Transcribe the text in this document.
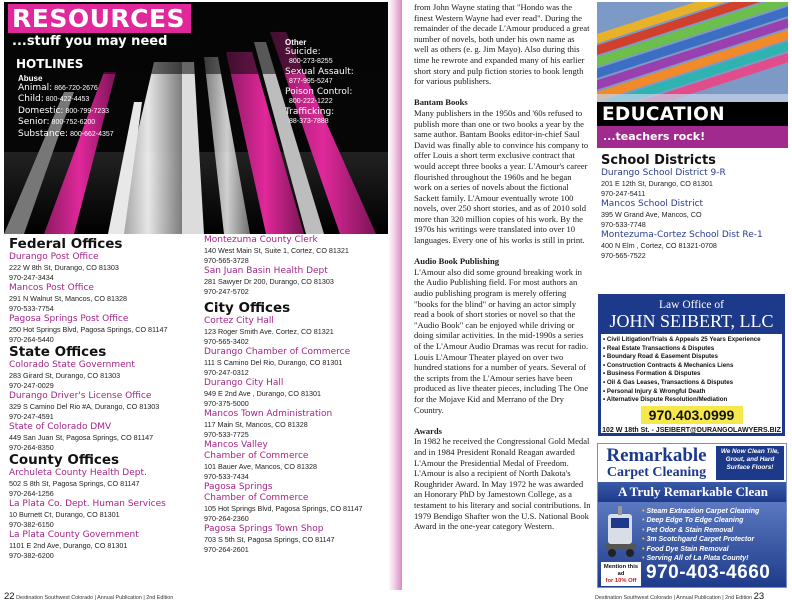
RESOURCES
...stuff you may need
HOTLINES
Abuse
Animal: 866-720-2676
Child: 800-422-4453
Domestic: 800-799-7233
Senior: 800-752-6200
Substance: 800-662-4357
Other
Suicide:
800-273-8255
Sexual Assault:
877-995-5247
Poison Control:
800-222-1222
Trafficking:
88-373-7888
Federal Offices
Durango Post Office
222 W 8th St, Durango, CO 81303
970-247-3434
Mancos Post Office
291 N Walnut St, Mancos, CO 81328
970-533-7754
Pagosa Springs Post Office
250 Hot Springs Blvd, Pagosa Springs, CO 81147
970-264-5440
State Offices
Colorado State Government
283 Girard St, Durango, CO 81303
970-247-0029
Durango Driver's License Office
329 S Camino Del Rio #A, Durango, CO 81303
970-247-4591
State of Colorado DMV
449 San Juan St, Pagosa Springs, CO 81147
970-264-8350
County Offices
Archuleta County Health Dept.
502 S 8th St, Pagosa Springs, CO 81147
970-264-1256
La Plata Co. Dept. Human Services
10 Burnett Ct, Durango, CO 81301
970-382-6150
La Plata County Government
1101 E 2nd Ave, Durango, CO 81301
970-382-6200
Montezuma County Clerk
140 West Main St, Suite 1, Cortez, CO 81321
970-565-3728
San Juan Basin Health Dept
281 Sawyer Dr 200, Durango, CO 81303
970-247-5702
City Offices
Cortez City Hall
123 Roger Smith Ave. Cortez, CO 81321
970-565-3402
Durango Chamber of Commerce
111 S Camino Del Rio, Durango, CO 81301
970-247-0312
Durango City Hall
949 E 2nd Ave , Durango, CO 81301
970-375-5000
Mancos Town Administration
117 Main St, Mancos, CO 81328
970-533-7725
Mancos Valley
Chamber of Commerce
101 Bauer Ave, Mancos, CO 81328
970-533-7434
Pagosa Springs
Chamber of Commerce
105 Hot Springs Blvd, Pagosa Springs, CO 81147
970-264-2360
Pagosa Springs Town Shop
703 S 5th St, Pagosa Springs, CO 81147
970-264-2601

from John Wayne stating that "Hondo was the finest Western Wayne had ever read". During the remainder of the decade L'Amour produced a great number of novels, both under his own name as well as others (e. g. Jim Mayo). Also during this time he rewrote and expanded many of his earlier short story and pulp fiction stories to book length for various publishers.

Bantam Books

Many publishers in the 1950s and '60s refused to publish more than one or two books a year by the same author. Bantam Books editor-in-chief Saul David was finally able to convince his company to offer Louis a short term exclusive contract that would accept three books a year. L'Amour's career flourished throughout the 1960s and he began work on a series of novels about the fictional Sackett family. L'Amour eventually wrote 100 novels, over 250 short stories, and as of 2010 sold more than 320 million copies of his work. By the 1970s his writings were translated into over 10 languages. Every one of his works is still in print.

Audio Book Publishing

L'Amour also did some ground breaking work in the Audio Publishing field. For most authors an audio publishing program is merely offering "books for the blind" or having an actor simply read a book of short stories or novel so that the "Audio Book" can be enjoyed while driving or doing similar activities. In the mid-1990s a series of the L'Amour Audio Dramas was recut for radio. Louis L'Amour Theater played on over two hundred stations for a number of years. Several of the scripts from the L'Amour series have been produced as live theater pieces, including The One for the Mojave Kid and Merrano of the Dry Country.

Awards

In 1982 he received the Congressional Gold Medal and in 1984 President Ronald Reagan awarded L'Amour the Presidential Medal of Freedom. L'Amour is also a recipient of North Dakota's Roughrider Award. In May 1972 he was awarded an Honorary PhD by Jamestown College, as a testament to his literary and social contributions. In 1979 Bendigo Shafter won the U.S. National Book Award in the one-year category Western.

EDUCATION
...teachers rock!
School Districts
Durango School District 9-R
201 E 12th St, Durango, CO 81301
970-247-5411
Mancos School District
395 W Grand Ave, Mancos, CO
970-533-7748
Montezuma-Cortez School Dist Re-1
400 N Elm , Cortez, CO 81321-0708
970-565-7522
Law Office of
JOHN SEIBERT, LLC
• Civil Litigation/Trials & Appeals 25 Years Experience
• Real Estate Transactions & Disputes
• Boundary Road & Easement Disputes
• Construction Contracts & Mechanics Liens
• Business Formation & Disputes
• Oil & Gas Leases, Transactions & Disputes
• Personal Injury & Wrongful Death
• Alternative Dispute Resolution/Mediation
970.403.0999
102 W 18th St. - JSEIBERT@DURANGOLAWYERS.BIZ
Remarkable
Carpet Cleaning
We Now Clean Tile, Grout, and Hard Surface Floors!
A Truly Remarkable Clean
• Steam Extraction Carpet Cleaning
• Deep Edge To Edge Cleaning
• Pet Odor & Stain Removal
• 3m Scotchgard Carpet Protector
• Food Dye Stain Removal
• Serving All of La Plata County!
Mention this ad
for 10% Off 970-403-4660
22 Destination Southwest Colorado | Annual Publication | 2nd Edition	Destination Southwest Colorado | Annual Publication | 2nd Edition 23
